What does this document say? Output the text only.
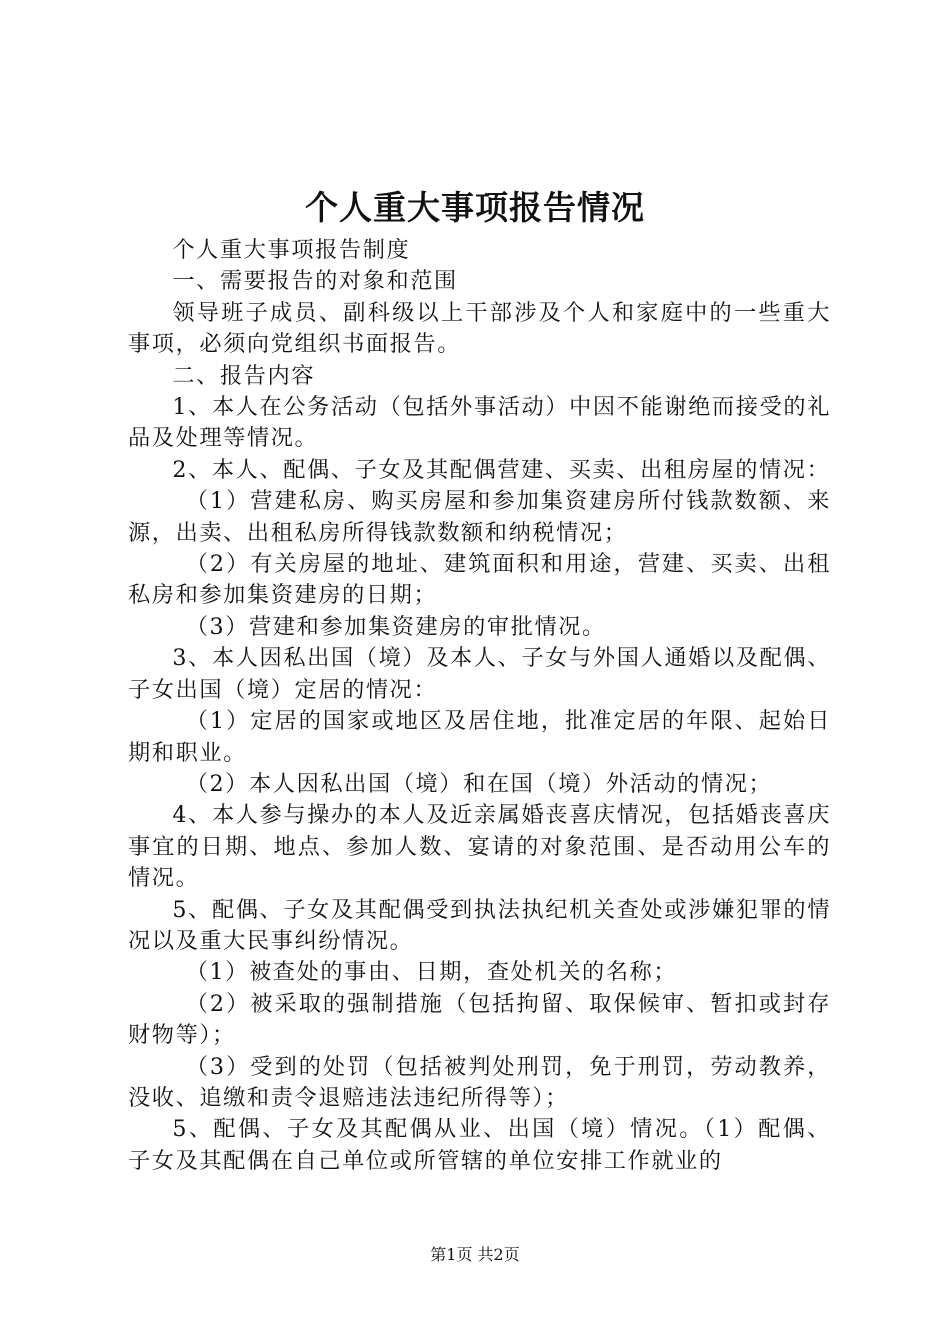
个人重大事项报告情况

个人重大事项报告制度

一、需要报告的对象和范围

领导班子成员、副科级以上干部涉及个人和家庭中的一些重大事项，必须向党组织书面报告。

二、报告内容

1、本人在公务活动（包括外事活动）中因不能谢绝而接受的礼品及处理等情况。

2、本人、配偶、子女及其配偶营建、买卖、出租房屋的情况：

（1）营建私房、购买房屋和参加集资建房所付钱款数额、来源，出卖、出租私房所得钱款数额和纳税情况；

（2）有关房屋的地址、建筑面积和用途，营建、买卖、出租私房和参加集资建房的日期；

（3）营建和参加集资建房的审批情况。

3、本人因私出国（境）及本人、子女与外国人通婚以及配偶、子女出国（境）定居的情况：

（1）定居的国家或地区及居住地，批准定居的年限、起始日期和职业。

（2）本人因私出国（境）和在国（境）外活动的情况；

4、本人参与操办的本人及近亲属婚丧喜庆情况，包括婚丧喜庆事宜的日期、地点、参加人数、宴请的对象范围、是否动用公车的情况。

5、配偶、子女及其配偶受到执法执纪机关查处或涉嫌犯罪的情况以及重大民事纠纷情况。

（1）被查处的事由、日期，查处机关的名称；

（2）被采取的强制措施（包括拘留、取保候审、暂扣或封存财物等）；

（3）受到的处罚（包括被判处刑罚，免于刑罚，劳动教养，没收、追缴和责令退赔违法违纪所得等）；

5、配偶、子女及其配偶从业、出国（境）情况。（1）配偶、子女及其配偶在自己单位或所管辖的单位安排工作就业的

第1页 共2页
